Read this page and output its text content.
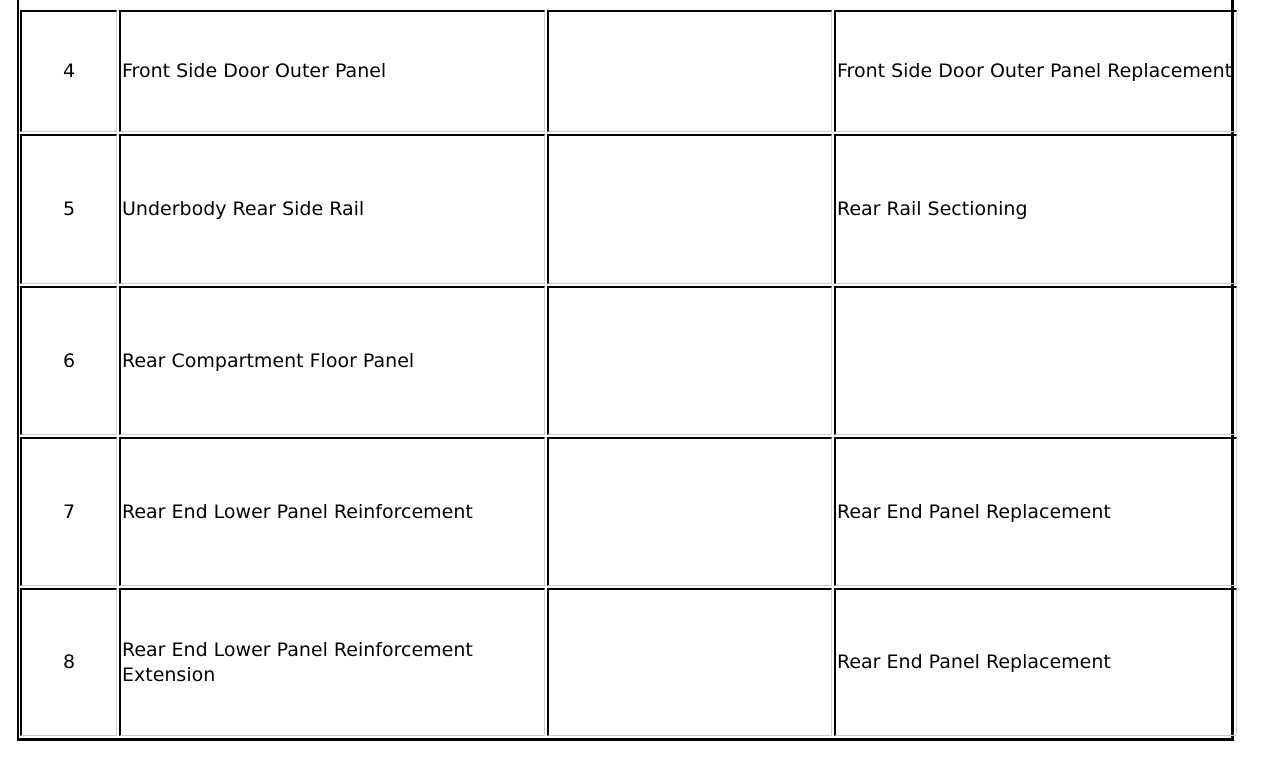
4	Front Side Door Outer Panel		Front Side Door Outer Panel Replacement
5	Underbody Rear Side Rail		Rear Rail Sectioning
6	Rear Compartment Floor Panel		
7	Rear End Lower Panel Reinforcement		Rear End Panel Replacement
8	Rear End Lower Panel Reinforcement Extension		Rear End Panel Replacement
